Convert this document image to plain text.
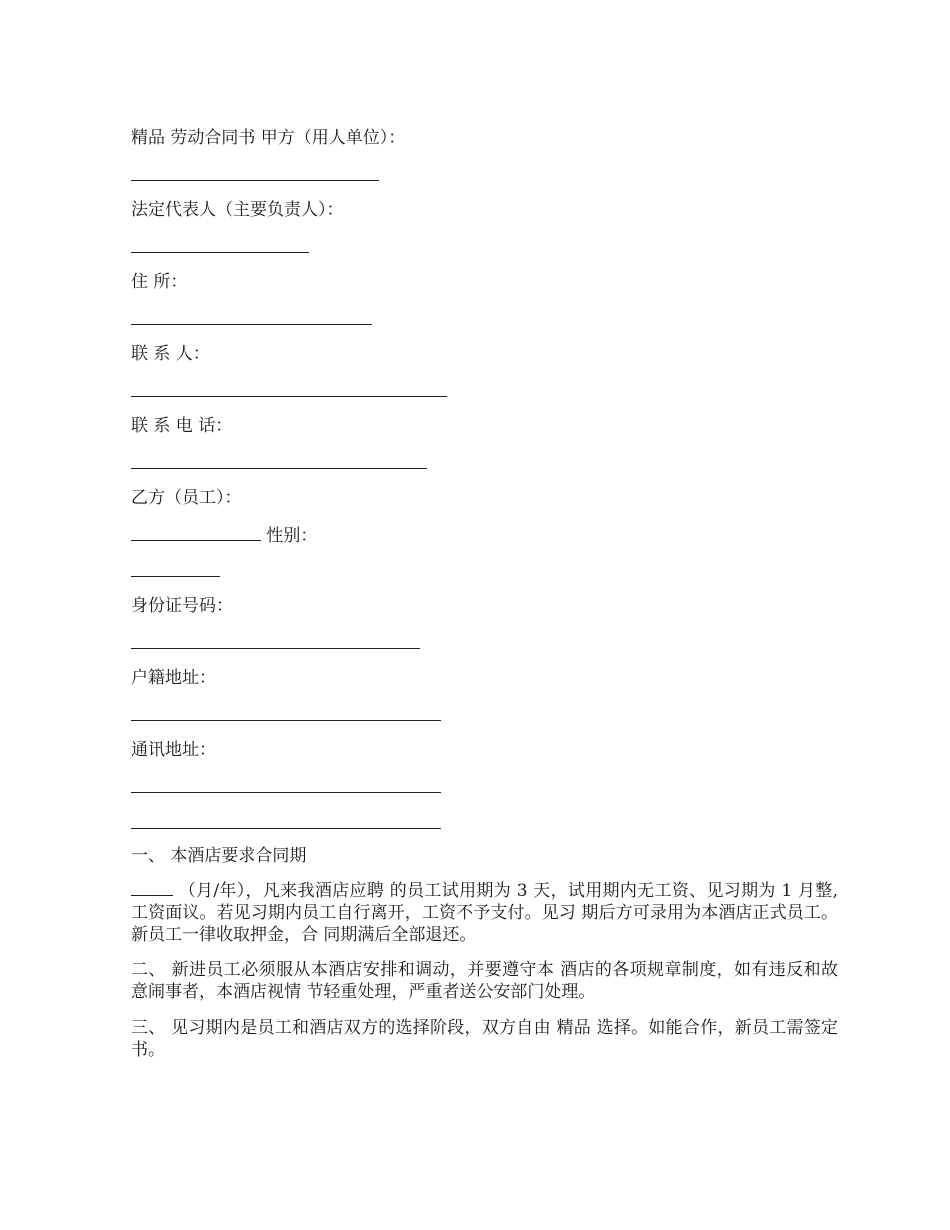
精品 劳动合同书 甲方（用人单位）：
法定代表人（主要负责人）：
住 所：
联 系 人：
联 系 电 话：
乙方（员工）：
性别：
身份证号码：
户籍地址：
通讯地址：
一、 本酒店要求合同期
（月/年），凡来我酒店应聘 的员工试用期为 3 天，试用期内无工资、见习期为 1 月整,工资面议。若见习期内员工自行离开，工资不予支付。见习 期后方可录用为本酒店正式员工。新员工一律收取押金，合 同期满后全部退还。
二、 新进员工必须服从本酒店安排和调动，并要遵守本 酒店的各项规章制度，如有违反和故意闹事者，本酒店视情 节轻重处理，严重者送公安部门处理。
三、 见习期内是员工和酒店双方的选择阶段，双方自由 精品 选择。如能合作，新员工需签定书。
